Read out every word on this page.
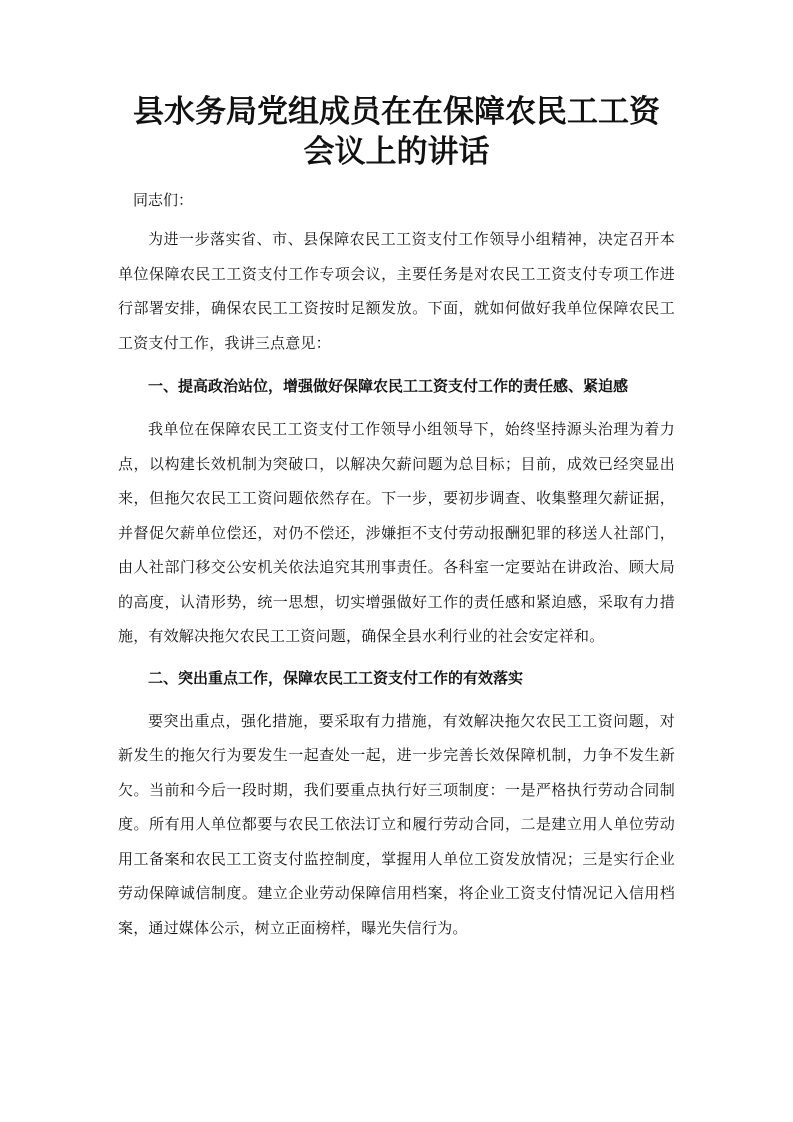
县水务局党组成员在在保障农民工工资会议上的讲话

同志们：

为进一步落实省、市、县保障农民工工资支付工作领导小组精神，决定召开本单位保障农民工工资支付工作专项会议，主要任务是对农民工工资支付专项工作进行部署安排，确保农民工工资按时足额发放。下面，就如何做好我单位保障农民工工资支付工作，我讲三点意见：

一、提高政治站位，增强做好保障农民工工资支付工作的责任感、紧迫感

我单位在保障农民工工资支付工作领导小组领导下，始终坚持源头治理为着力点，以构建长效机制为突破口，以解决欠薪问题为总目标；目前，成效已经突显出来，但拖欠农民工工资问题依然存在。下一步，要初步调查、收集整理欠薪证据，并督促欠薪单位偿还，对仍不偿还，涉嫌拒不支付劳动报酬犯罪的移送人社部门，由人社部门移交公安机关依法追究其刑事责任。各科室一定要站在讲政治、顾大局的高度，认清形势，统一思想，切实增强做好工作的责任感和紧迫感，采取有力措施，有效解决拖欠农民工工资问题，确保全县水利行业的社会安定祥和。

二、突出重点工作，保障农民工工资支付工作的有效落实

要突出重点，强化措施，要采取有力措施，有效解决拖欠农民工工资问题，对新发生的拖欠行为要发生一起查处一起，进一步完善长效保障机制，力争不发生新欠。当前和今后一段时期，我们要重点执行好三项制度：一是严格执行劳动合同制度。所有用人单位都要与农民工依法订立和履行劳动合同，二是建立用人单位劳动用工备案和农民工工资支付监控制度，掌握用人单位工资发放情况；三是实行企业劳动保障诚信制度。建立企业劳动保障信用档案，将企业工资支付情况记入信用档案，通过媒体公示，树立正面榜样，曝光失信行为。
